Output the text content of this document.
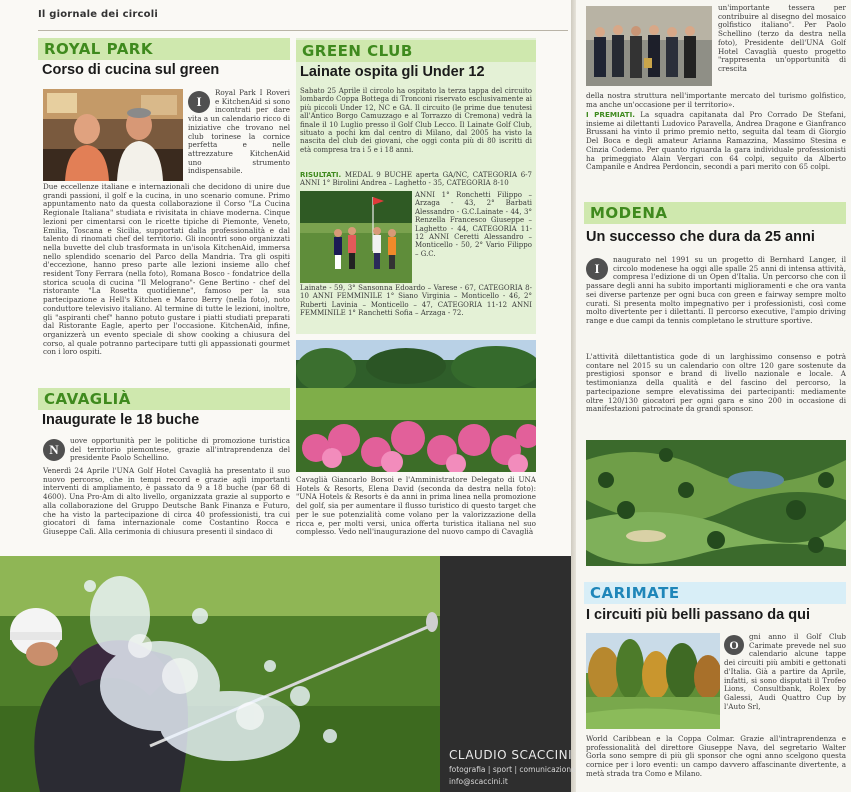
Il giornale dei circoli
ROYAL PARK
Corso di cucina sul green
I
Royal Park I Roveri e KitchenAid si sono incontrati per dare vita a un calendario ricco di iniziative che trovano nel club torinese la cornice perfetta e nelle attrezzature KitchenAid uno strumento indispensabile.
Due eccellenze italiane e internazionali che decidono di unire due grandi passioni, il golf e la cucina, in uno scenario comune. Primo appuntamento nato da questa collaborazione il Corso "La Cucina Regionale Italiana" studiata e rivisitata in chiave moderna. Cinque lezioni per cimentarsi con le ricette tipiche di Piemonte, Veneto, Emilia, Toscana e Sicilia, supportati dalla professionalità e dal talento di rinomati chef del territorio. Gli incontri sono organizzati nella buvette del club trasformata in un'isola KitchenAid, immersa nello splendido scenario del Parco della Mandria. Tra gli ospiti d'eccezione, hanno preso parte alle lezioni insieme allo chef resident Tony Ferrara (nella foto), Romana Bosco - fondatrice della storica scuola di cucina "Il Melograno"- Gene Bertino - chef del ristorante "La Rosetta quotidienne", famoso per la sua partecipazione a Hell's Kitchen e Marco Berry (nella foto), noto conduttore televisivo italiano. Al termine di tutte le lezioni, inoltre, gli "aspiranti chef" hanno potuto gustare i piatti studiati preparati dal Ristorante Eagle, aperto per l'occasione. KitchenAid, infine, organizzerà un evento speciale di show cooking a chiusura del corso, al quale potranno partecipare tutti gli appassionati gourmet con i loro ospiti.
CAVAGLIÀ
Inaugurate le 18 buche
N
uove opportunità per le politiche di promozione turistica del territorio piemontese, grazie all'intraprendenza del presidente Paolo Schellino.
Venerdì 24 Aprile l'UNA Golf Hotel Cavaglià ha presentato il suo nuovo percorso, che in tempi record e grazie agli importanti interventi di ampliamento, è passato da 9 a 18 buche (par 68 di 4600). Una Pro-Am di alto livello, organizzata grazie al supporto e alla collaborazione del Gruppo Deutsche Bank Finanza e Futuro, che ha visto la partecipazione di circa 40 professionisti, tra cui giocatori di fama internazionale come Costantino Rocca e Giuseppe Calì. Alla cerimonia di chiusura presenti il sindaco di
GREEN CLUB
Lainate ospita gli Under 12
Sabato 25 Aprile il circolo ha ospitato la terza tappa del circuito lombardo Coppa Bottega di Tronconi riservato esclusivamente ai più piccoli Under 12, NC e GA. Il circuito (le prime due tenutesi all'Antico Borgo Camuzzago e al Torrazzo di Cremona) vedrà la finale il 10 Luglio presso il Golf Club Lecco. Il Lainate Golf Club, situato a pochi km dal centro di Milano, dal 2005 ha visto la nascita del club dei giovani, che oggi conta più di 80 iscritti di età compresa tra i 5 e i 18 anni.
RISULTATI. MEDAL 9 BUCHE aperta GA/NC, CATEGORIA 6-7 ANNI 1° Birolini Andrea – Laghetto - 35, CATEGORIA 8-10
ANNI 1° Ronchetti Filippo – Arzaga - 43, 2° Barbati Alessandro - G.C.Lainate - 44, 3° Renzella Francesco Giuseppe – Laghetto - 44, CATEGORIA 11-12 ANNI Ceretti Alessandro – Monticello - 50, 2° Vario Filippo – G.C.
Lainate - 59, 3° Sansonna Edoardo – Varese - 67, CATEGORIA 8-10 ANNI FEMMINILE 1° Siano Virginia – Monticello - 46, 2° Ruberti Lavinia – Monticello – 47, CATEGORIA 11-12 ANNI FEMMINILE 1° Ranchetti Sofia – Arzaga - 72.
Cavaglià Giancarlo Borsoi e l'Amministratore Delegato di UNA Hotels & Resorts, Elena David (seconda da destra nella foto): "UNA Hotels & Resorts è da anni in prima linea nella promozione del golf, sia per aumentare il flusso turistico di questo target che per le sue potenzialità come volano per la valorizzazione della ricca e, per molti versi, unica offerta turistica italiana nel suo complesso. Vedo nell'inaugurazione del nuovo campo di Cavaglià
CLAUDIO SCACCINI
fotografia | sport | comunicazione
info@scaccini.it
un'importante tessera per contribuire al disegno del mosaico golfistico italiano". Per Paolo Schellino (terzo da destra nella foto), Presidente dell'UNA Golf Hotel Cavaglià questo progetto "rappresenta un'opportunità di crescita
della nostra struttura nell'importante mercato del turismo golfistico, ma anche un'occasione per il territorio».
I PREMIATI. La squadra capitanata dal Pro Corrado De Stefani, insieme ai dilettanti Ludovico Paravella, Andrea Dragone e Gianfranco Brussani ha vinto il primo premio netto, seguita dal team di Giorgio Del Boca e degli amateur Arianna Ramazzina, Massimo Stesina e Cinzia Codemo. Per quanto riguarda la gara individuale professionisti ha primeggiato Alain Vergari con 64 colpi, seguito da Alberto Campanile e Andrea Perdoncin, secondi a pari merito con 65 colpi.
MODENA
Un successo che dura da 25 anni
I
naugurato nel 1991 su un progetto di Bernhard Langer, il circolo modenese ha oggi alle spalle 25 anni di intensa attività, compresa l'edizione di un Open d'Italia. Un percorso che con il passare degli anni ha subito importanti miglioramenti e che ora vanta sei diverse partenze per ogni buca con green e fairway sempre molto curati. Si presenta molto impegnativo per i professionisti, così come molto divertente per i dilettanti. Il percorso executive, l'ampio driving range e due campi da tennis completano le strutture sportive.
L'attività dilettantistica gode di un larghissimo consenso e potrà contare nel 2015 su un calendario con oltre 120 gare sostenute da prestigiosi sponsor e brand di livello nazionale e locale. A testimonianza della qualità e del fascino del percorso, la partecipazione sempre elevatissima dei partecipanti: mediamente oltre 120/130 giocatori per ogni gara e sino 200 in occasione di manifestazioni patrocinate da grandi sponsor.
CARIMATE
I circuiti più belli passano da qui
O
gni anno il Golf Club Carimate prevede nel suo calendario alcune tappe dei circuiti più ambiti e gettonati d'Italia. Già a partire da Aprile, infatti, si sono disputati il Trofeo Lions, Consultbank, Rolex by Galessi, Audi Quattro Cup by l'Auto Srl,
World Caribbean e la Coppa Colmar. Grazie all'intraprendenza e professionalità del direttore Giuseppe Nava, del segretario Walter Gorla sono sempre di più gli sponsor che ogni anno scelgono questa cornice per i loro eventi: un campo davvero affascinante divertente, a metà strada tra Como e Milano.
